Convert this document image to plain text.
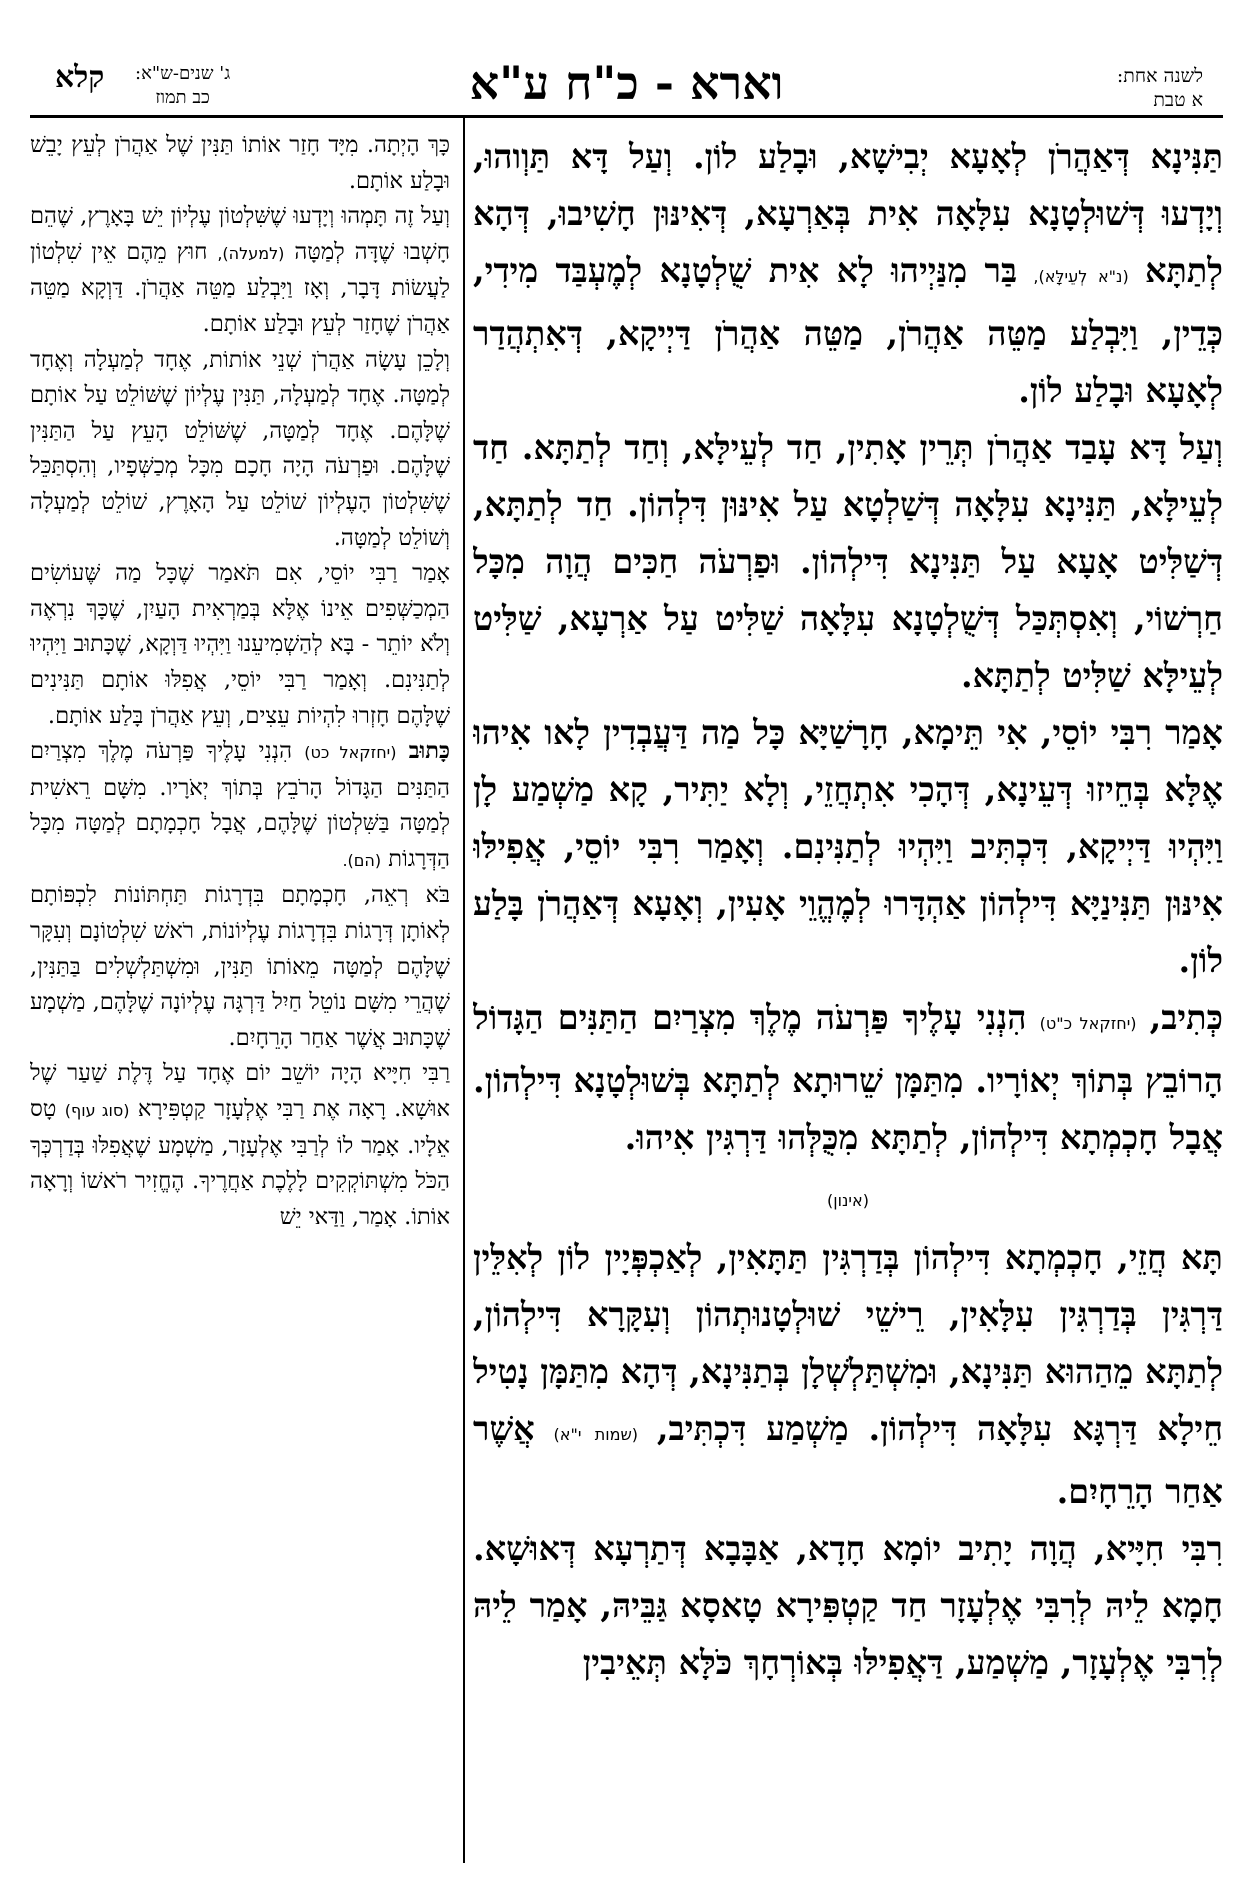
לשנה אחת:
א טבת
וארא - כ"ח ע"א
ג' שנים-ש"א:
כב תמוז
קלא

תַּנִּינָא דְּאַהֲרֹן לְאָעָא יְבִישָׁא, וּבָלַע לוֹן. וְעַל דָּא תַּוְוהוּ, וְיָדְעוּ דְּשׁוּלְטָנָא עִלָּאָה אִית בְּאַרְעָא, דְּאִינּוּן חָשִׁיבוּ, דְּהָא לְתַתָּא (נ"א לְעֵילָּא), בַּר מִנַּיְיהוּ לָא אִית שֻׁלְטָנָא לְמֶעְבַּד מִידִי, כְּדֵין, וַיִּבְלַע מַטֵּה אַהֲרֹן, מַטֵּה אַהֲרֹן דַּיְיקָא, דְּאִתְהֲדַר לְאָעָא וּבָלַע לוֹן.

וְעַל דָּא עָבַד אַהֲרֹן תְּרֵין אָתִין, חַד לְעֵילָּא, וְחַד לְתַתָּא. חַד לְעֵילָּא, תַּנִּינָא עִלָּאָה דְּשַׁלְטָא עַל אִינּוּן דִּלְהוֹן. חַד לְתַתָּא, דְּשַׁלִּיט אָעָא עַל תַּנִּינָא דִּילְהוֹן. וּפַרְעֹה חַכִּים הֲוָה מִכָּל חַרְשׁוֹי, וְאִסְתְּכַּל דְּשֻׁלְטָנָא עִלָּאָה שַׁלִּיט עַל אַרְעָא, שַׁלִּיט לְעֵילָּא שַׁלִּיט לְתַתָּא.

אָמַר רִבִּי יוֹסֵי, אִי תֵּימָא, חָרָשַׁיָּא כָּל מַה דַּעֲבְדִין לָאו אִיהוּ אֶלָּא בְּחֵיזוּ דְּעֵינָא, דְּהָכִי אִתְחֲזֵי, וְלָא יַתִּיר, קָא מַשְׁמַע לָן וַיִּהְיוּ דַּיְיקָא, דִּכְתִּיב וַיִּהְיוּ לְתַנִּינִם. וְאָמַר רִבִּי יוֹסֵי, אֲפִילּוּ אִינּוּן תַּנִּינַיָּא דִּילְהוֹן אַהְדָּרוּ לְמֶהֱוֵי אָעִין, וְאָעָא דְּאַהֲרֹן בָּלַע לוֹן.

כְּתִיב, (יחזקאל כ"ט) הִנְנִי עָלֶיךָ פַּרְעֹה מֶלֶךְ מִצְרַיִם הַתַּנִּים הַגָּדוֹל הָרוֹבֵץ בְּתוֹךְ יְאוֹרָיו. מִתַּמָּן שֵׁרוּתָא לְתַתָּא בְּשׁוּלְטָנָא דִּילְהוֹן. אֲבָל חָכְמְתָא דִּילְהוֹן, לְתַתָּא מִכֻּלְּהוּ דַּרְגִּין אִיהוּ.

(אינון)

תָּא חֲזֵי, חָכְמְתָא דִּילְהוֹן בְּדַרְגִּין תַּתָּאִין, לְאַכְפְּיָין לוֹן לְאִלֵּין דַּרְגִּין בְּדַרְגִּין עִלָּאִין, רֵישֵׁי שׁוּלְטָנוּתְהוֹן וְעִקָּרָא דִּילְהוֹן, לְתַתָּא מֵהַהוּא תַּנִּינָא, וּמִשְׁתַּלְשְׁלָן בְּתַנִּינָא, דְּהָא מִתַּמָּן נָטִיל חֵילָא דַּרְגָּא עִלָּאָה דִּילְהוֹן. מַשְׁמַע דִּכְתִּיב, (שמות י"א) אֲשֶׁר אַחַר הָרֵחָיִם.

רִבִּי חִיָּיא, הֲוָה יָתִיב יוֹמָא חָדָא, אַבָּבָא דְּתַרְעָא דְּאוּשָׁא. חָמָא לֵיהּ לְרִבִּי אֶלְעָזָר חַד קַטְפִּירָא טָאסָא גַּבֵּיהּ, אָמַר לֵיהּ לְרִבִּי אֶלְעָזָר, מַשְׁמַע, דַּאֲפִילּוּ בְּאוֹרְחָךְ כֹּלָּא תְּאֵיבִין

כָּךְ הָיְתָה. מִיָּד חָזַר אוֹתוֹ תַּנִּין שֶׁל אַהֲרֹן לְעֵץ יָבֵשׁ וּבָלַע אוֹתָם.

וְעַל זֶה תָּמְהוּ וְיָדְעוּ שֶׁשִּׁלְטוֹן עֶלְיוֹן יֵשׁ בָּאָרֶץ, שֶׁהֵם חָשְׁבוּ שֶׁדָּה לְמַטָּה (למעלה), חוּץ מֵהֶם אֵין שִׁלְטוֹן לַעֲשׂוֹת דָּבָר, וְאָז וַיִּבְלַע מַטֵּה אַהֲרֹן. דַּוְקָא מַטֵּה אַהֲרֹן שֶׁחָזַר לְעֵץ וּבָלַע אוֹתָם.

וְלָכֵן עָשָׂה אַהֲרֹן שְׁנֵי אוֹתוֹת, אֶחָד לְמַעְלָה וְאֶחָד לְמַטָּה. אֶחָד לְמַעְלָה, תַּנִּין עֶלְיוֹן שֶׁשּׁוֹלֵט עַל אוֹתָם שֶׁלָּהֶם. אֶחָד לְמַטָּה, שֶׁשּׁוֹלֵט הָעֵץ עַל הַתַּנִּין שֶׁלָּהֶם. וּפַרְעֹה הָיָה חָכָם מִכָּל מְכַשְּׁפָיו, וְהִסְתַּכֵּל שֶׁשִּׁלְטוֹן הָעֶלְיוֹן שׁוֹלֵט עַל הָאָרֶץ, שׁוֹלֵט לְמַעְלָה וְשׁוֹלֵט לְמַטָּה.

אָמַר רַבִּי יוֹסֵי, אִם תֹּאמַר שֶׁכָּל מַה שֶּׁעוֹשִׂים הַמְכַשְּׁפִים אֵינוֹ אֶלָּא בְּמַרְאִית הָעַיִן, שֶׁכָּךְ נִרְאֶה וְלֹא יוֹתֵר - בָּא לְהַשְׁמִיעֵנוּ וַיִּהְיוּ דַּוְקָא, שֶׁכָּתוּב וַיִּהְיוּ לְתַנִּינִם. וְאָמַר רַבִּי יוֹסֵי, אֲפִלּוּ אוֹתָם תַּנִּינִים שֶׁלָּהֶם חָזְרוּ לִהְיוֹת עֵצִים, וְעֵץ אַהֲרֹן בָּלַע אוֹתָם.

כָּתוּב (יחזקאל כט) הִנְנִי עָלֶיךָ פַּרְעֹה מֶלֶךְ מִצְרַיִם הַתַּנִּים הַגָּדוֹל הָרֹבֵץ בְּתוֹךְ יְאֹרָיו. מִשָּׁם רֵאשִׁית לְמַטָּה בַּשִּׁלְטוֹן שֶׁלָּהֶם, אֲבָל חָכְמָתָם לְמַטָּה מִכָּל הַדְּרָגוֹת (הם).

בֹּא רְאֵה, חָכְמָתָם בִּדְרָגוֹת תַּחְתּוֹנוֹת לִכְפּוֹתָם לְאוֹתָן דְּרָגוֹת בִּדְרָגוֹת עֶלְיוֹנוֹת, רֹאשׁ שִׁלְטוֹנָם וְעִקָּר שֶׁלָּהֶם לְמַטָּה מֵאוֹתוֹ תַּנִּין, וּמִשְׁתַּלְשְׁלִים בַּתַּנִּין, שֶׁהֲרֵי מִשָּׁם נוֹטֵל חַיִל דַּרְגָּה עֶלְיוֹנָה שֶׁלָּהֶם, מַשְׁמָע שֶׁכָּתוּב אֲשֶׁר אַחַר הָרֵחָיִם.

רַבִּי חִיָּיא הָיָה יוֹשֵׁב יוֹם אֶחָד עַל דֶּלֶת שַׁעַר שֶׁל אוּשָׁא. רָאָה אֶת רַבִּי אֶלְעָזָר קַטְפִּירָא (סוג עוף) טָס אֵלָיו. אָמַר לוֹ לְרַבִּי אֶלְעָזָר, מַשְׁמָע שֶׁאֲפִלּוּ בְּדַרְכְּךָ הַכֹּל מִשְׁתּוֹקְקִים לָלֶכֶת אַחֲרֶיךָ. הֶחֱזִיר רֹאשׁוֹ וְרָאָה אוֹתוֹ. אָמַר, וַדַּאי יֵשׁ
